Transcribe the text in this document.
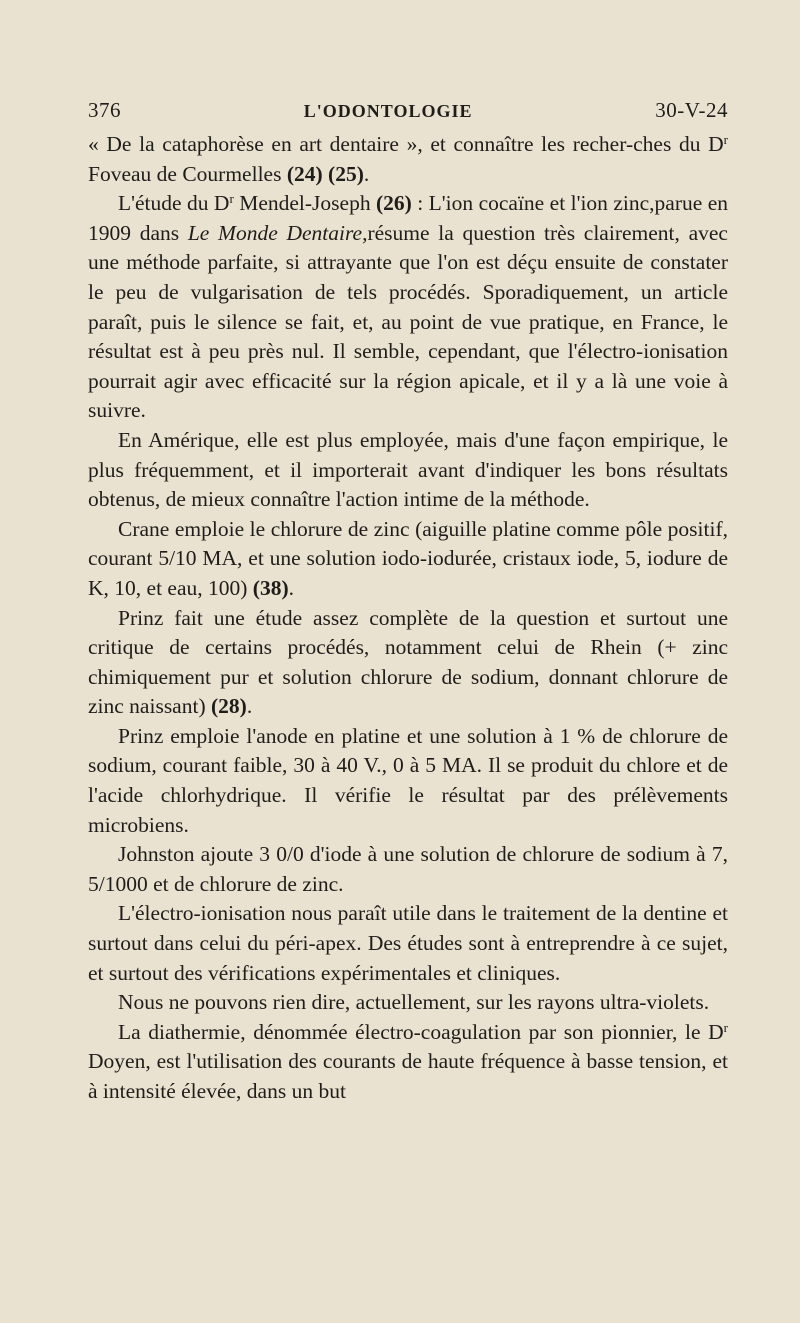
376	L'ODONTOLOGIE	30-V-24

« De la cataphorèse en art dentaire », et connaître les recher-ches du $D^r$ Foveau de Courmelles (24) (25).

L'étude du $D^r$ Mendel-Joseph (26) : L'ion cocaïne et l'ion zinc,parue en 1909 dans Le Monde Dentaire,résume la question très clairement, avec une méthode parfaite, si attrayante que l'on est déçu ensuite de constater le peu de vulgarisation de tels procédés. Sporadiquement, un article paraît, puis le silence se fait, et, au point de vue pratique, en France, le résultat est à peu près nul. Il semble, cependant, que l'électro-ionisation pourrait agir avec efficacité sur la région apicale, et il y a là une voie à suivre.

En Amérique, elle est plus employée, mais d'une façon empirique, le plus fréquemment, et il importerait avant d'indiquer les bons résultats obtenus, de mieux connaître l'action intime de la méthode.

Crane emploie le chlorure de zinc (aiguille platine comme pôle positif, courant 5/10 MA, et une solution iodo-iodurée, cristaux iode, 5, iodure de K, 10, et eau, 100) (38).

Prinz fait une étude assez complète de la question et surtout une critique de certains procédés, notamment celui de Rhein (+ zinc chimiquement pur et solution chlorure de sodium, donnant chlorure de zinc naissant) (28).

Prinz emploie l'anode en platine et une solution à 1 % de chlorure de sodium, courant faible, 30 à 40 V., 0 à 5 MA. Il se produit du chlore et de l'acide chlorhydrique. Il vérifie le résultat par des prélèvements microbiens.

Johnston ajoute 3 0/0 d'iode à une solution de chlorure de sodium à 7, 5/1000 et de chlorure de zinc.

L'électro-ionisation nous paraît utile dans le traitement de la dentine et surtout dans celui du péri-apex. Des études sont à entreprendre à ce sujet, et surtout des vérifications expérimentales et cliniques.

Nous ne pouvons rien dire, actuellement, sur les rayons ultra-violets.

La diathermie, dénommée électro-coagulation par son pionnier, le $D^r$ Doyen, est l'utilisation des courants de haute fréquence à basse tension, et à intensité élevée, dans un but
